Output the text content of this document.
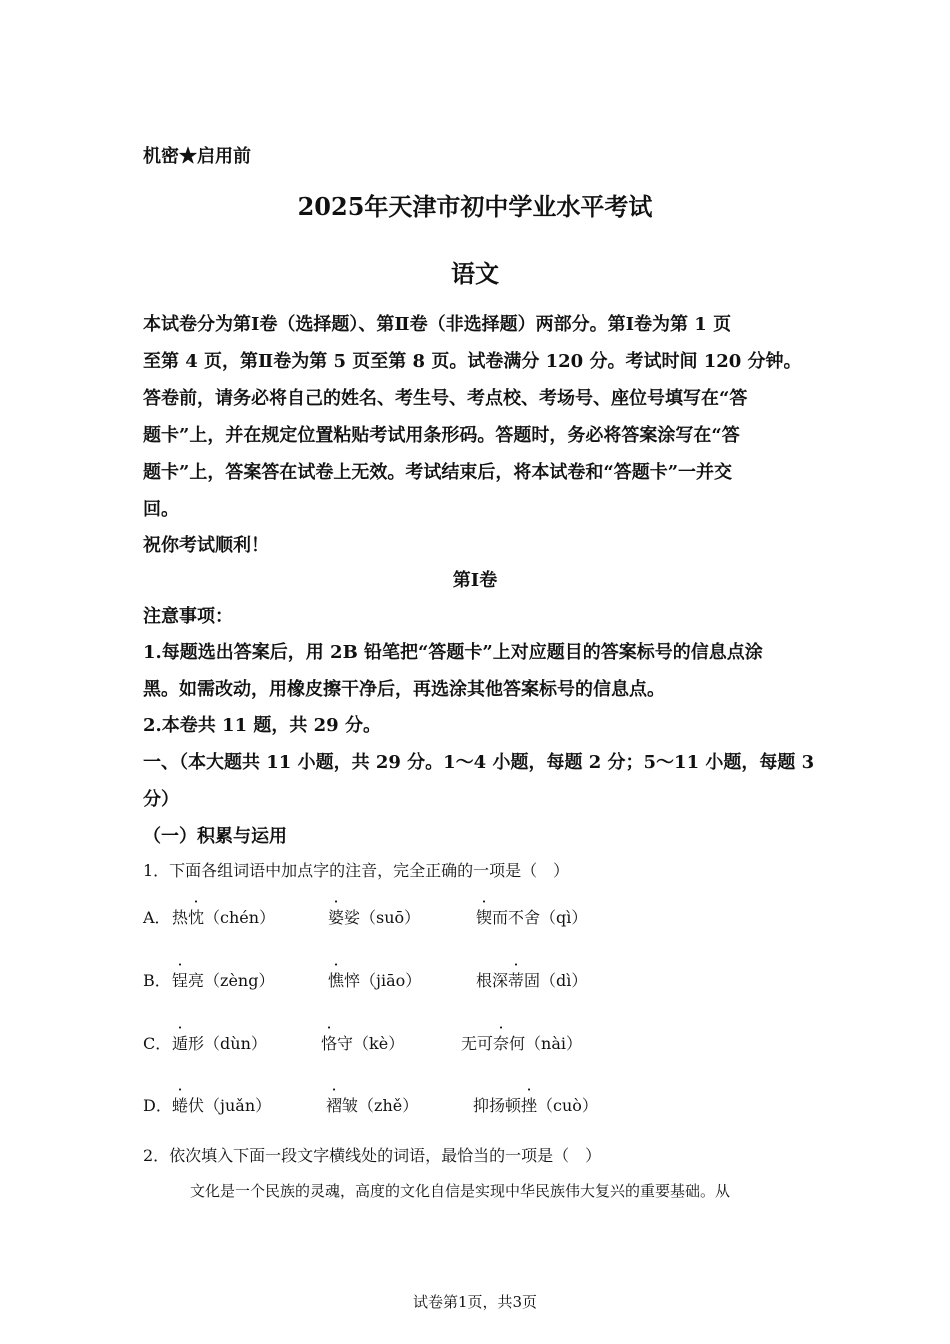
机密★启用前
2025年天津市初中学业水平考试
语文
本试卷分为第Ⅰ卷（选择题）、第Ⅱ卷（非选择题）两部分。第Ⅰ卷为第 1 页
至第 4 页，第Ⅱ卷为第 5 页至第 8 页。试卷满分 120 分。考试时间 120 分钟。
答卷前，请务必将自己的姓名、考生号、考点校、考场号、座位号填写在“答
题卡”上，并在规定位置粘贴考试用条形码。答题时，务必将答案涂写在“答
题卡”上，答案答在试卷上无效。考试结束后，将本试卷和“答题卡”一并交
回。
祝你考试顺利！
第Ⅰ卷
注意事项：
1.每题选出答案后，用 2B 铅笔把“答题卡”上对应题目的答案标号的信息点涂
黑。如需改动，用橡皮擦干净后，再选涂其他答案标号的信息点。
2.本卷共 11 题，共 29 分。
一、（本大题共 11 小题，共 29 分。1～4 小题，每题 2 分；5～11 小题，每题 3
分）
（一）积累与运用
1．下面各组词语中加点字的注音，完全正确的一项是（　）
A． 热忱（chén）	婆娑（suō）	锲而不舍（qì）
B． 锃亮（zèng）	憔悴（jiāo）	根深蒂固（dì）
C． 遁形（dùn）	恪守（kè）	无可奈何（nài）
D． 蜷伏（juǎn）	褶皱（zhě）	抑扬顿挫（cuò）
2．依次填入下面一段文字横线处的词语，最恰当的一项是（　）
文化是一个民族的灵魂，高度的文化自信是实现中华民族伟大复兴的重要基础。从
试卷第1页，共3页
